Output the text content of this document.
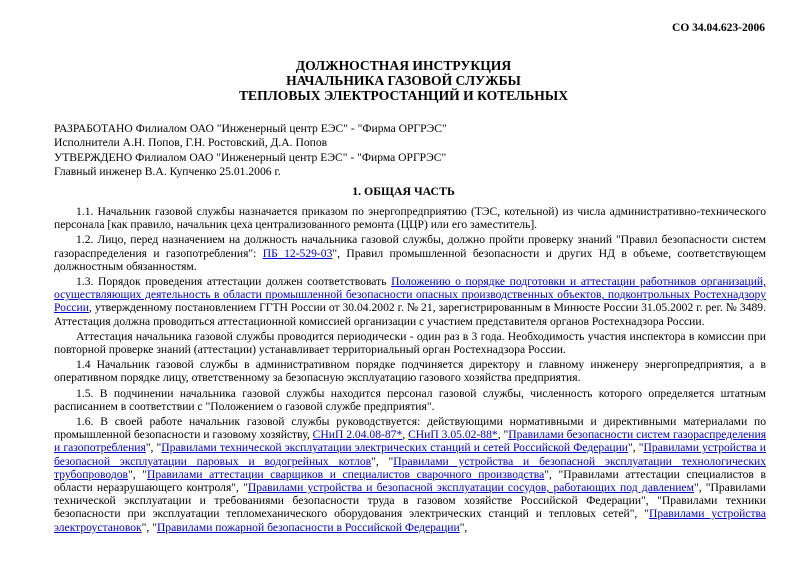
СО 34.04.623-2006
ДОЛЖНОСТНАЯ ИНСТРУКЦИЯ
НАЧАЛЬНИКА ГАЗОВОЙ СЛУЖБЫ
ТЕПЛОВЫХ ЭЛЕКТРОСТАНЦИЙ И КОТЕЛЬНЫХ
РАЗРАБОТАНО Филиалом ОАО "Инженерный центр ЕЭС" - "Фирма ОРГРЭС"
Исполнители А.Н. Попов, Г.Н. Ростовский, Д.А. Попов
УТВЕРЖДЕНО Филиалом ОАО "Инженерный центр ЕЭС" - "Фирма ОРГРЭС"
Главный инженер В.А. Купченко 25.01.2006 г.
1. ОБЩАЯ ЧАСТЬ

1.1. Начальник газовой службы назначается приказом по энергопредприятию (ТЭС, котельной) из числа административно-технического персонала [как правило, начальник цеха централизованного ремонта (ЦЦР) или его заместитель].

1.2. Лицо, перед назначением на должность начальника газовой службы, должно пройти проверку знаний "Правил безопасности систем газораспределения и газопотребления": ПБ 12-529-03", Правил промышленной безопасности и других НД в объеме, соответствующем должностным обязанностям.

1.3. Порядок проведения аттестации должен соответствовать Положению о порядке подготовки и аттестации работников организаций, осуществляющих деятельность в области промышленной безопасности опасных производственных объектов, подконтрольных Ростехнадзору России, утвержденному постановлением ГГТН России от 30.04.2002 г. № 21, зарегистрированным в Минюсте России 31.05.2002 г. рег. № 3489. Аттестация должна проводиться аттестационной комиссией организации с участием представителя органов Ростехнадзора России.

Аттестация начальника газовой службы проводится периодически - один раз в 3 года. Необходимость участия инспектора в комиссии при повторной проверке знаний (аттестации) устанавливает территориальный орган Ростехнадзора России.

1.4 Начальник газовой службы в административном порядке подчиняется директору и главному инженеру энергопредприятия, а в оперативном порядке лицу, ответственному за безопасную эксплуатацию газового хозяйства предприятия.

1.5. В подчинении начальника газовой службы находится персонал газовой службы, численность которого определяется штатным расписанием в соответствии с "Положением о газовой службе предприятия".

1.6. В своей работе начальник газовой службы руководствуется: действующими нормативными и директивными материалами по промышленной безопасности и газовому хозяйству, СНиП 2.04.08-87*, СНиП 3.05.02-88*, "Правилами безопасности систем газораспределения и газопотребления", "Правилами технической эксплуатации электрических станций и сетей Российской Федерации", "Правилами устройства и безопасной эксплуатации паровых и водогрейных котлов", "Правилами устройства и безопасной эксплуатации технологических трубопроводов", "Правилами аттестации сварщиков и специалистов сварочного производства", "Правилами аттестации специалистов в области неразрушающего контроля", "Правилами устройства и безопасной эксплуатации сосудов, работающих под давлением", "Правилами технической эксплуатации и требованиями безопасности труда в газовом хозяйстве Российской Федерации", "Правилами техники безопасности при эксплуатации тепломеханического оборудования электрических станций и тепловых сетей", "Правилами устройства электроустановок", "Правилами пожарной безопасности в Российской Федерации",
